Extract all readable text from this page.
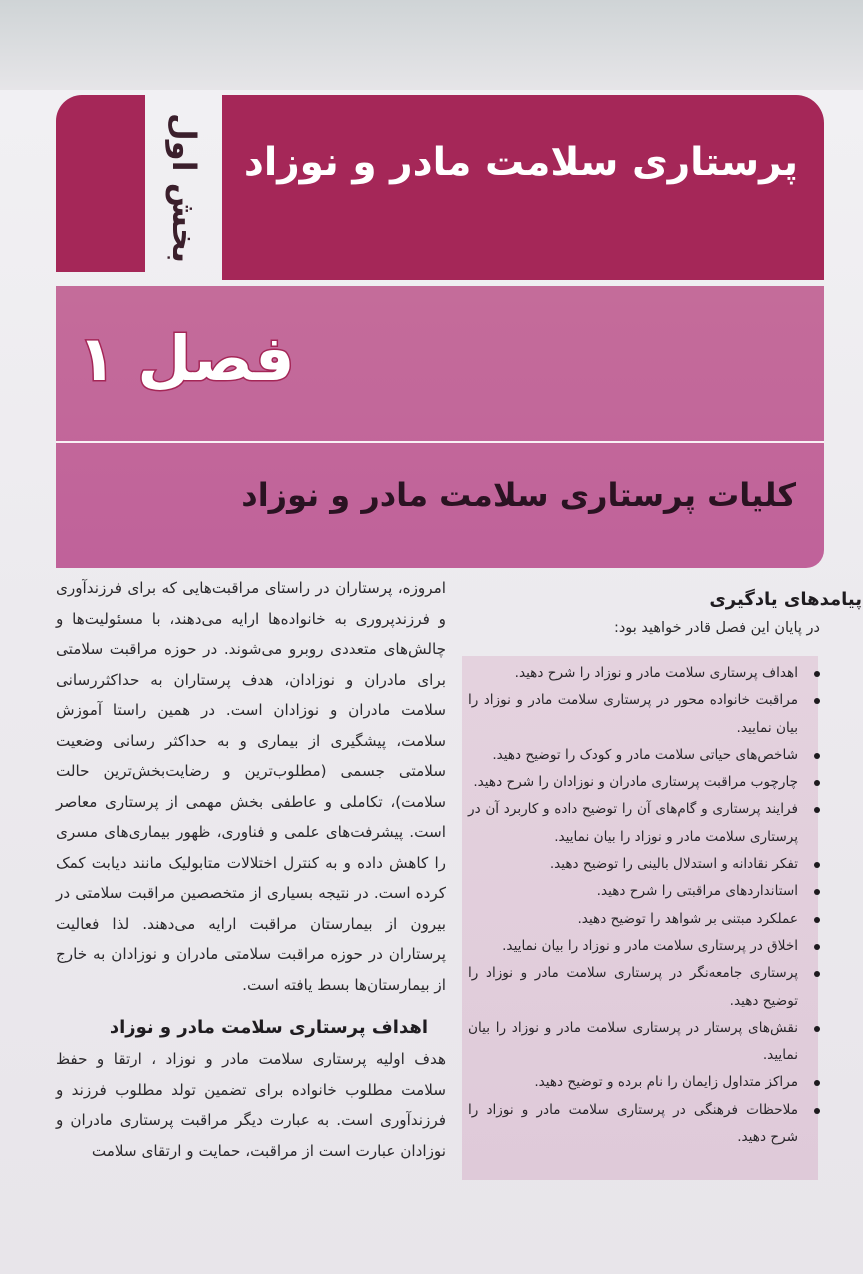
بخش اول پرستاری سلامت مادر و نوزاد
فصل ۱
کلیات پرستاری سلامت مادر و نوزاد

امروزه، پرستاران در راستای مراقبت‌هایی که برای فرزندآوری و فرزندپروری به خانواده‌ها ارایه می‌دهند، با مسئولیت‌ها و چالش‌های متعددی روبرو می‌شوند. در حوزه مراقبت سلامتی برای مادران و نوزادان، هدف پرستاران به حداکثررسانی سلامت مادران و نوزادان است. در همین راستا آموزش سلامت، پیشگیری از بیماری و به حداکثر رسانی وضعیت سلامتی جسمی (مطلوب‌ترین و رضایت‌بخش‌ترین حالت سلامت)، تکاملی و عاطفی بخش مهمی از پرستاری معاصر است. پیشرفت‌های علمی و فناوری، ظهور بیماری‌های مسری را کاهش داده و به کنترل اختلالات متابولیک مانند دیابت کمک کرده است. در نتیجه بسیاری از متخصصین مراقبت سلامتی در بیرون از بیمارستان مراقبت ارایه می‌دهند. لذا فعالیت پرستاران در حوزه مراقبت سلامتی مادران و نوزادان به خارج از بیمارستان‌ها بسط یافته است.

اهداف پرستاری سلامت مادر و نوزاد

هدف اولیه پرستاری سلامت مادر و نوزاد ، ارتقا و حفظ سلامت مطلوب خانواده برای تضمین تولد مطلوب فرزند و فرزندآوری است. به عبارت دیگر مراقبت پرستاری مادران و نوزادان عبارت است از مراقبت، حمایت و ارتقای سلامت

پیامدهای یادگیری

در پایان این فصل قادر خواهید بود:

اهداف پرستاری سلامت مادر و نوزاد را شرح دهید.
مراقبت خانواده محور در پرستاری سلامت مادر و نوزاد را بیان نمایید.
شاخص‌های حیاتی سلامت مادر و کودک را توضیح دهید.
چارچوب مراقبت پرستاری مادران و نوزادان را شرح دهید.
فرایند پرستاری و گام‌های آن را توضیح داده و کاربرد آن در پرستاری سلامت مادر و نوزاد را بیان نمایید.
تفکر نقادانه و استدلال بالینی را توضیح دهید.
استانداردهای مراقبتی را شرح دهید.
عملکرد مبتنی بر شواهد را توضیح دهید.
اخلاق در پرستاری سلامت مادر و نوزاد را بیان نمایید.
پرستاری جامعه‌نگر در پرستاری سلامت مادر و نوزاد را توضیح دهید.
نقش‌های پرستار در پرستاری سلامت مادر و نوزاد را بیان نمایید.
مراکز متداول زایمان را نام برده و توضیح دهید.
ملاحظات فرهنگی در پرستاری سلامت مادر و نوزاد را شرح دهید.
